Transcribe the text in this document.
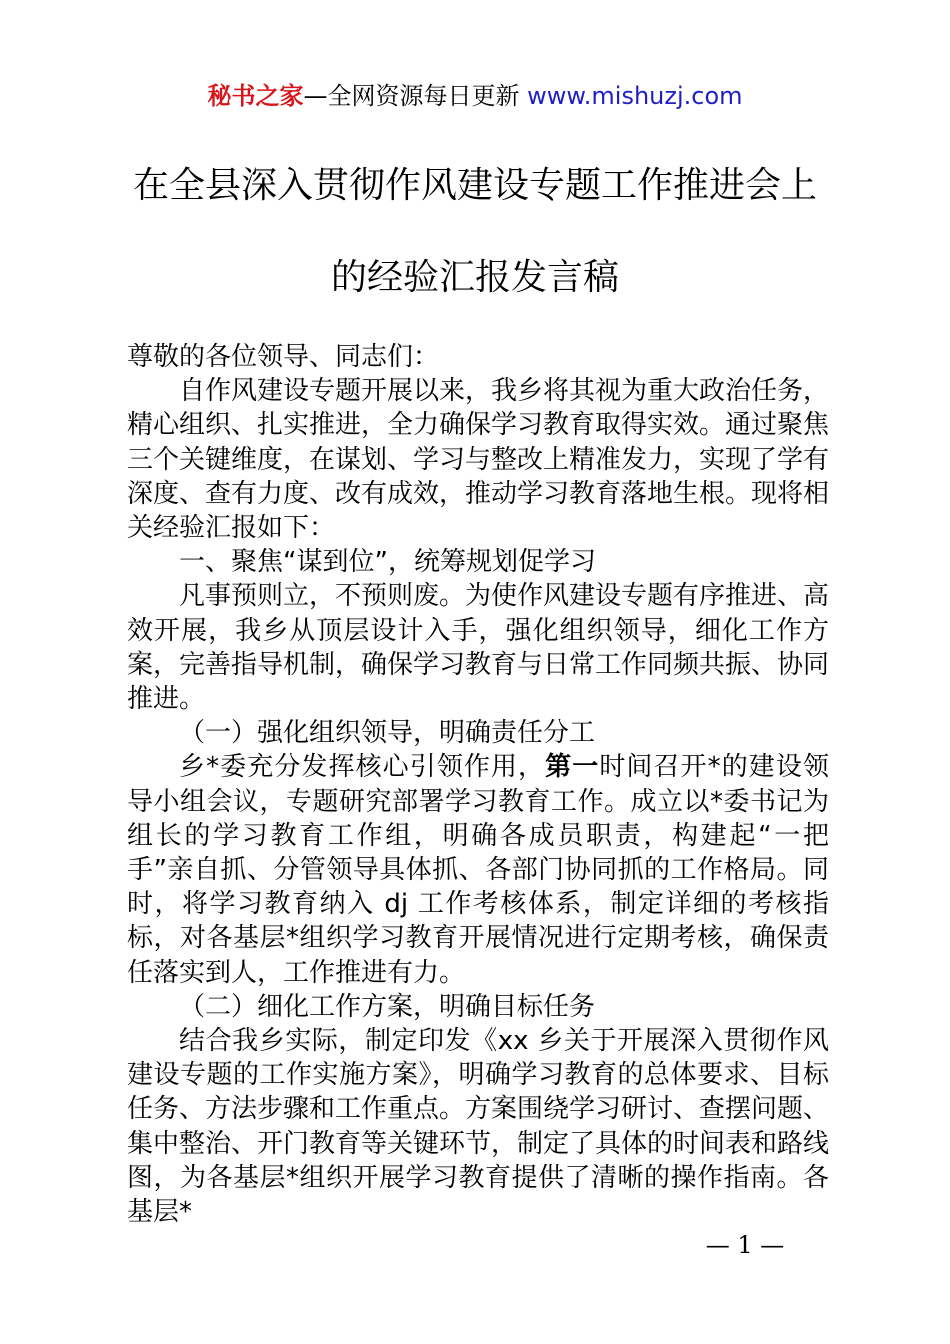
秘书之家—全网资源每日更新 www.mishuzj.com
在全县深入贯彻作风建设专题工作推进会上
的经验汇报发言稿

尊敬的各位领导、同志们：

自作风建设专题开展以来，我乡将其视为重大政治任务，精心组织、扎实推进，全力确保学习教育取得实效。通过聚焦三个关键维度，在谋划、学习与整改上精准发力，实现了学有深度、查有力度、改有成效，推动学习教育落地生根。现将相关经验汇报如下：

一、聚焦“谋到位”，统筹规划促学习

凡事预则立，不预则废。为使作风建设专题有序推进、高效开展，我乡从顶层设计入手，强化组织领导，细化工作方案，完善指导机制，确保学习教育与日常工作同频共振、协同推进。

（一）强化组织领导，明确责任分工

乡*委充分发挥核心引领作用，第一时间召开*的建设领导小组会议，专题研究部署学习教育工作。成立以*委书记为组长的学习教育工作组，明确各成员职责，构建起“一把手”亲自抓、分管领导具体抓、各部门协同抓的工作格局。同时，将学习教育纳入 dj 工作考核体系，制定详细的考核指标，对各基层*组织学习教育开展情况进行定期考核，确保责任落实到人，工作推进有力。

（二）细化工作方案，明确目标任务

结合我乡实际，制定印发《xx 乡关于开展深入贯彻作风建设专题的工作实施方案》，明确学习教育的总体要求、目标任务、方法步骤和工作重点。方案围绕学习研讨、查摆问题、集中整治、开门教育等关键环节，制定了具体的时间表和路线图，为各基层*组织开展学习教育提供了清晰的操作指南。各基层*

— 1 —
